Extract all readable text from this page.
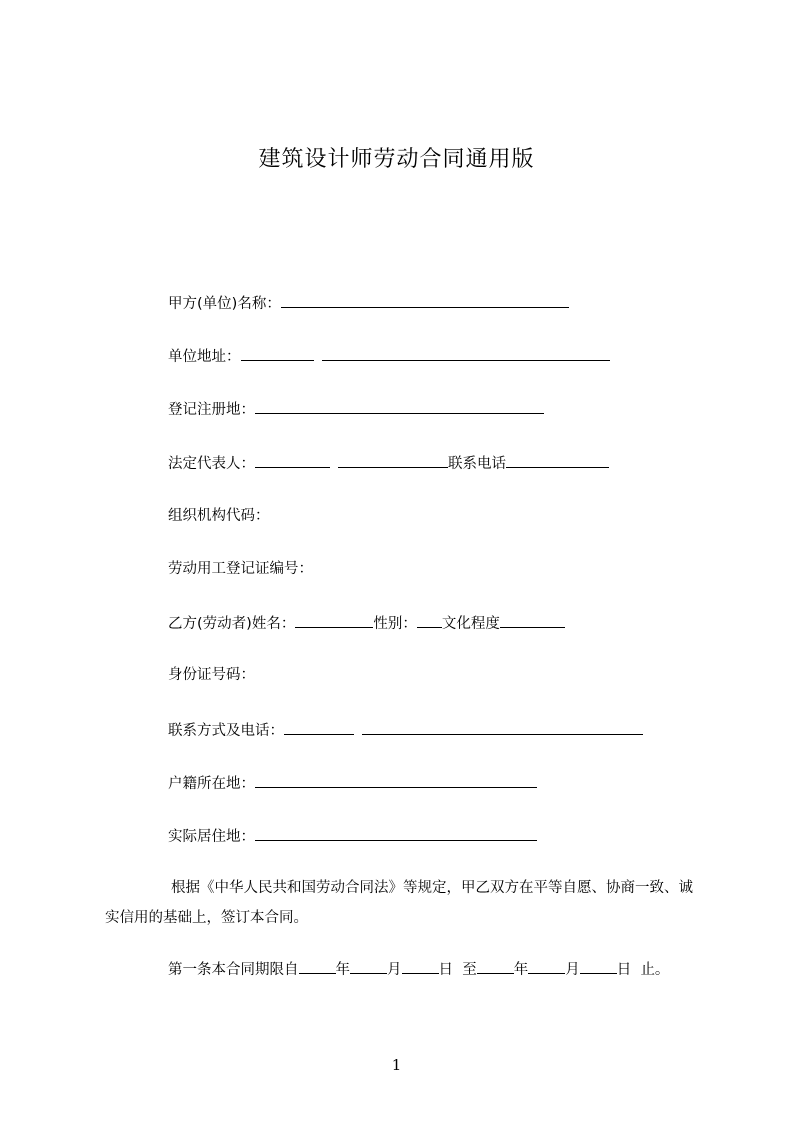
建筑设计师劳动合同通用版
甲方(单位)名称：
单位地址：
登记注册地：
法定代表人：	联系电话
组织机构代码：
劳动用工登记证编号：
乙方(劳动者)姓名：	性别： 文化程度
身份证号码：
联系方式及电话：
户籍所在地：
实际居住地：
根据《中华人民共和国劳动合同法》等规定，甲乙双方在平等自愿、协商一致、诚实信用的基础上，签订本合同。
第一条本合同期限自	年	月	日 至	年	月	日 止。
1
